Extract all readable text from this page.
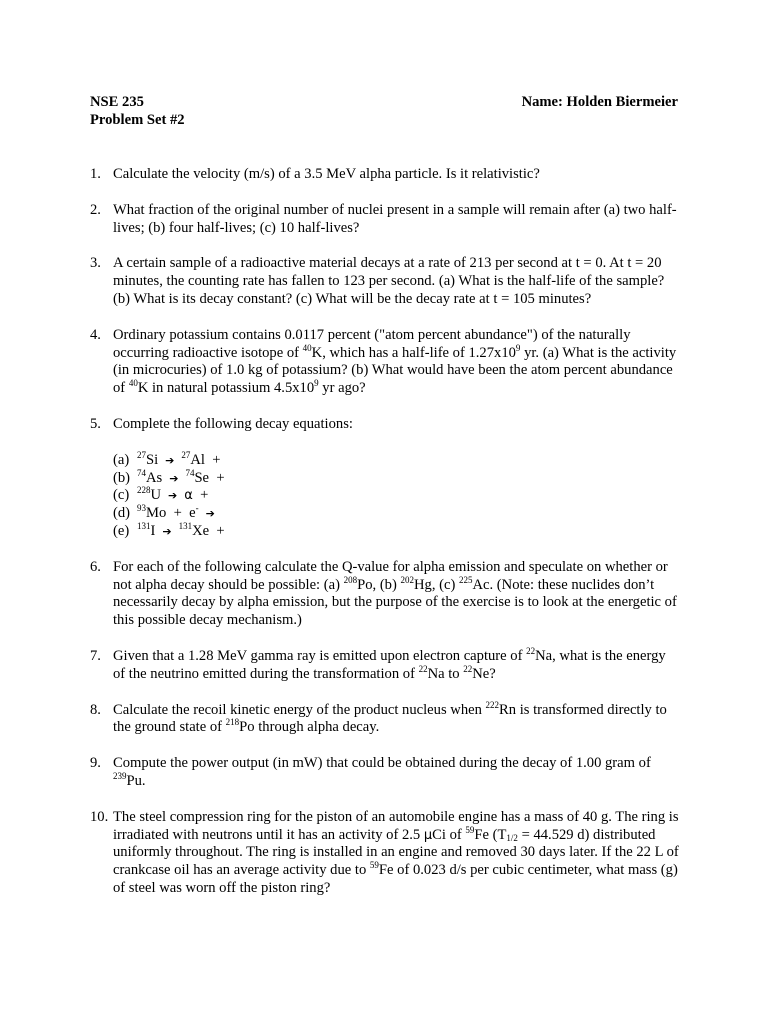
NSE 235	Name: Holden Biermeier
Problem Set #2
1. Calculate the velocity (m/s) of a 3.5 MeV alpha particle. Is it relativistic?
2. What fraction of the original number of nuclei present in a sample will remain after (a) two half-lives; (b) four half-lives; (c) 10 half-lives?
3. A certain sample of a radioactive material decays at a rate of 213 per second at t = 0. At t = 20 minutes, the counting rate has fallen to 123 per second. (a) What is the half-life of the sample? (b) What is its decay constant? (c) What will be the decay rate at t = 105 minutes?
4. Ordinary potassium contains 0.0117 percent ("atom percent abundance") of the naturally occurring radioactive isotope of $^{40}$K, which has a half-life of $1.27x10^9$ yr. (a) What is the activity (in microcuries) of 1.0 kg of potassium? (b) What would have been the atom percent abundance of $^{40}$K in natural potassium $4.5x10^9$ yr ago?
5. Complete the following decay equations:

(a) $^{27}$Si ➔ $^{27}$Al  +
(b) $^{74}$As ➔ $^{74}$Se  +
(c) $^{228}$U ➔ α  +
(d) $^{93}$Mo  +  e- ➔
(e) $^{131}$I ➔ $^{131}$Xe  +
6. For each of the following calculate the Q-value for alpha emission and speculate on whether or not alpha decay should be possible: (a) $^{208}$Po, (b) $^{202}$Hg, (c) $^{225}$Ac. (Note: these nuclides don’t necessarily decay by alpha emission, but the purpose of the exercise is to look at the energetic of this possible decay mechanism.)
7. Given that a 1.28 MeV gamma ray is emitted upon electron capture of $^{22}$Na, what is the energy of the neutrino emitted during the transformation of $^{22}$Na to $^{22}$Ne?
8. Calculate the recoil kinetic energy of the product nucleus when $^{222}$Rn is transformed directly to the ground state of $^{218}$Po through alpha decay.
9. Compute the power output (in mW) that could be obtained during the decay of 1.00 gram of $^{239}$Pu.
10. The steel compression ring for the piston of an automobile engine has a mass of 40 g. The ring is irradiated with neutrons until it has an activity of 2.5 μCi of $^{59}$Fe ($T_{1/2} = 44.529$ d) distributed uniformly throughout. The ring is installed in an engine and removed 30 days later. If the 22 L of crankcase oil has an average activity due to $^{59}$Fe of 0.023 d/s per cubic centimeter, what mass (g) of steel was worn off the piston ring?
